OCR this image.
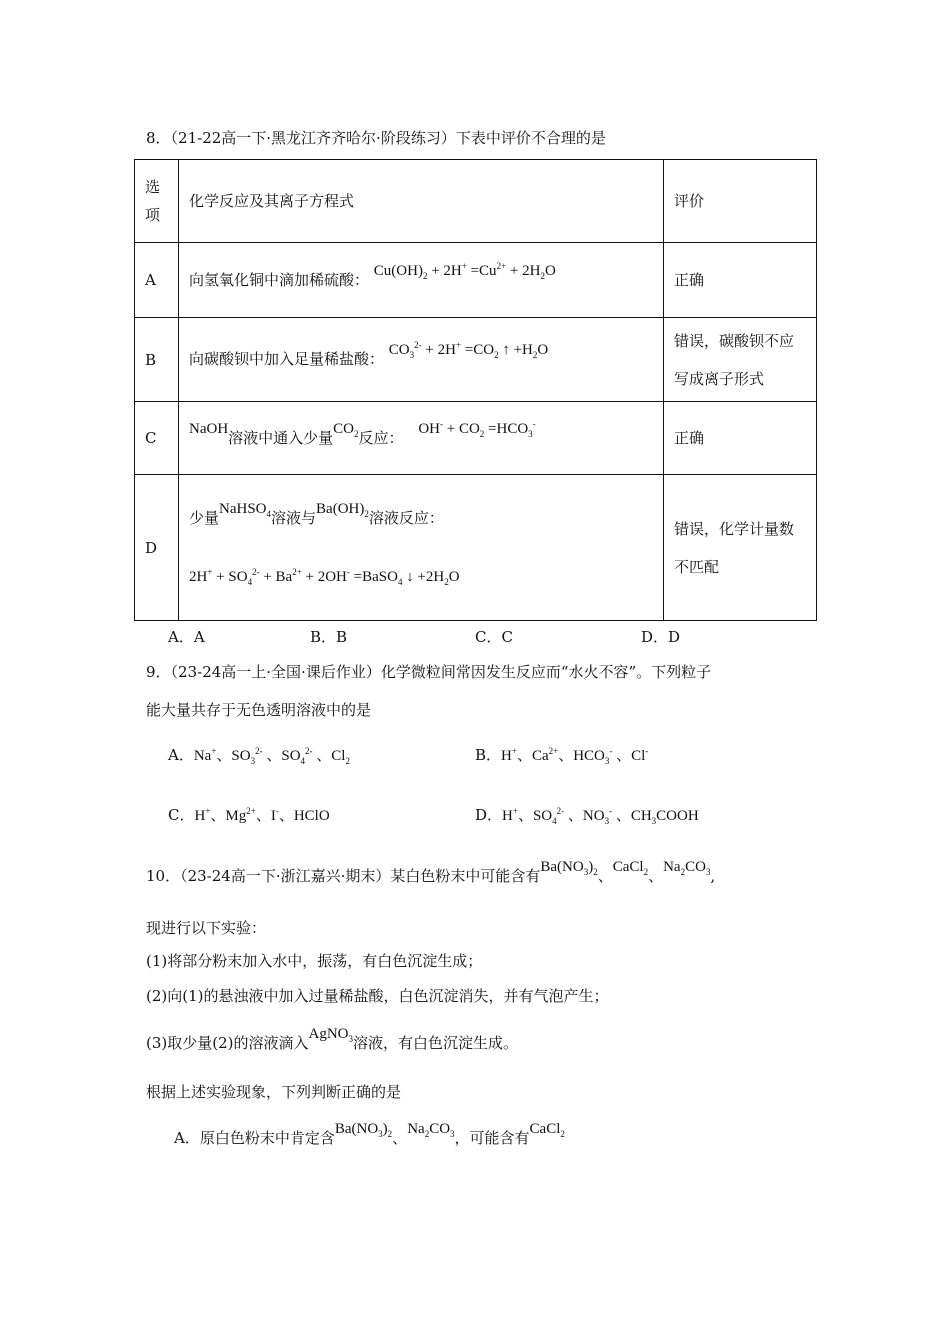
8．（21-22高一下·黑龙江齐齐哈尔·阶段练习）下表中评价不合理的是
选项	化学反应及其离子方程式	评价
A	向氢氧化铜中滴加稀硫酸： $Cu(OH)_2 + 2H^+ =Cu^{2+} + 2H_2O$	正确
B	向碳酸钡中加入足量稀盐酸： $CO_3^{2-} + 2H^+ =CO_2$ ↑ $+H_2O$	错误，碳酸钡不应写成离子形式

C	NaOH溶液中通入少量$CO_2$反应： $OH^- + CO_2 =HCO_3^-$	正确
D	少量NaHSO$_4$溶液与$Ba(OH)_2$溶液反应：
$2H^+ + SO_4^{2-} + Ba^{2+} + 2OH^-$ =BaSO$_4$ ↓ $+2H_2O$	错误，化学计量数不匹配
A．A	B．B	C．C	D．D
9．（23-24高一上·全国·课后作业）化学微粒间常因发生反应而“水火不容”。下列粒子
能大量共存于无色透明溶液中的是
A．Na+、$SO_3^{2-}$ 、$SO_4^{2-}$ 、$Cl_2$	B．H+、$Ca^{2+}$、$HCO_3^-$ 、Cl-
C．H+、$Mg^{2+}$、I-、HClO	D．H+、$SO_4^{2-}$ 、$NO_3^-$ 、$CH_3COOH$
10．（23-24高一下·浙江嘉兴·期末）某白色粉末中可能含有$Ba(NO_3)_2$、CaCl$_2$、$Na_2CO_3$,
现进行以下实验：
(1)将部分粉末加入水中，振荡，有白色沉淀生成；
(2)向(1)的悬浊液中加入过量稀盐酸，白色沉淀消失，并有气泡产生；
(3)取少量(2)的溶液滴入AgNO$_3$溶液，有白色沉淀生成。
根据上述实验现象，下列判断正确的是
A．原白色粉末中肯定含$Ba(NO_3)_2$、$Na_2CO_3$，可能含有CaCl$_2$
